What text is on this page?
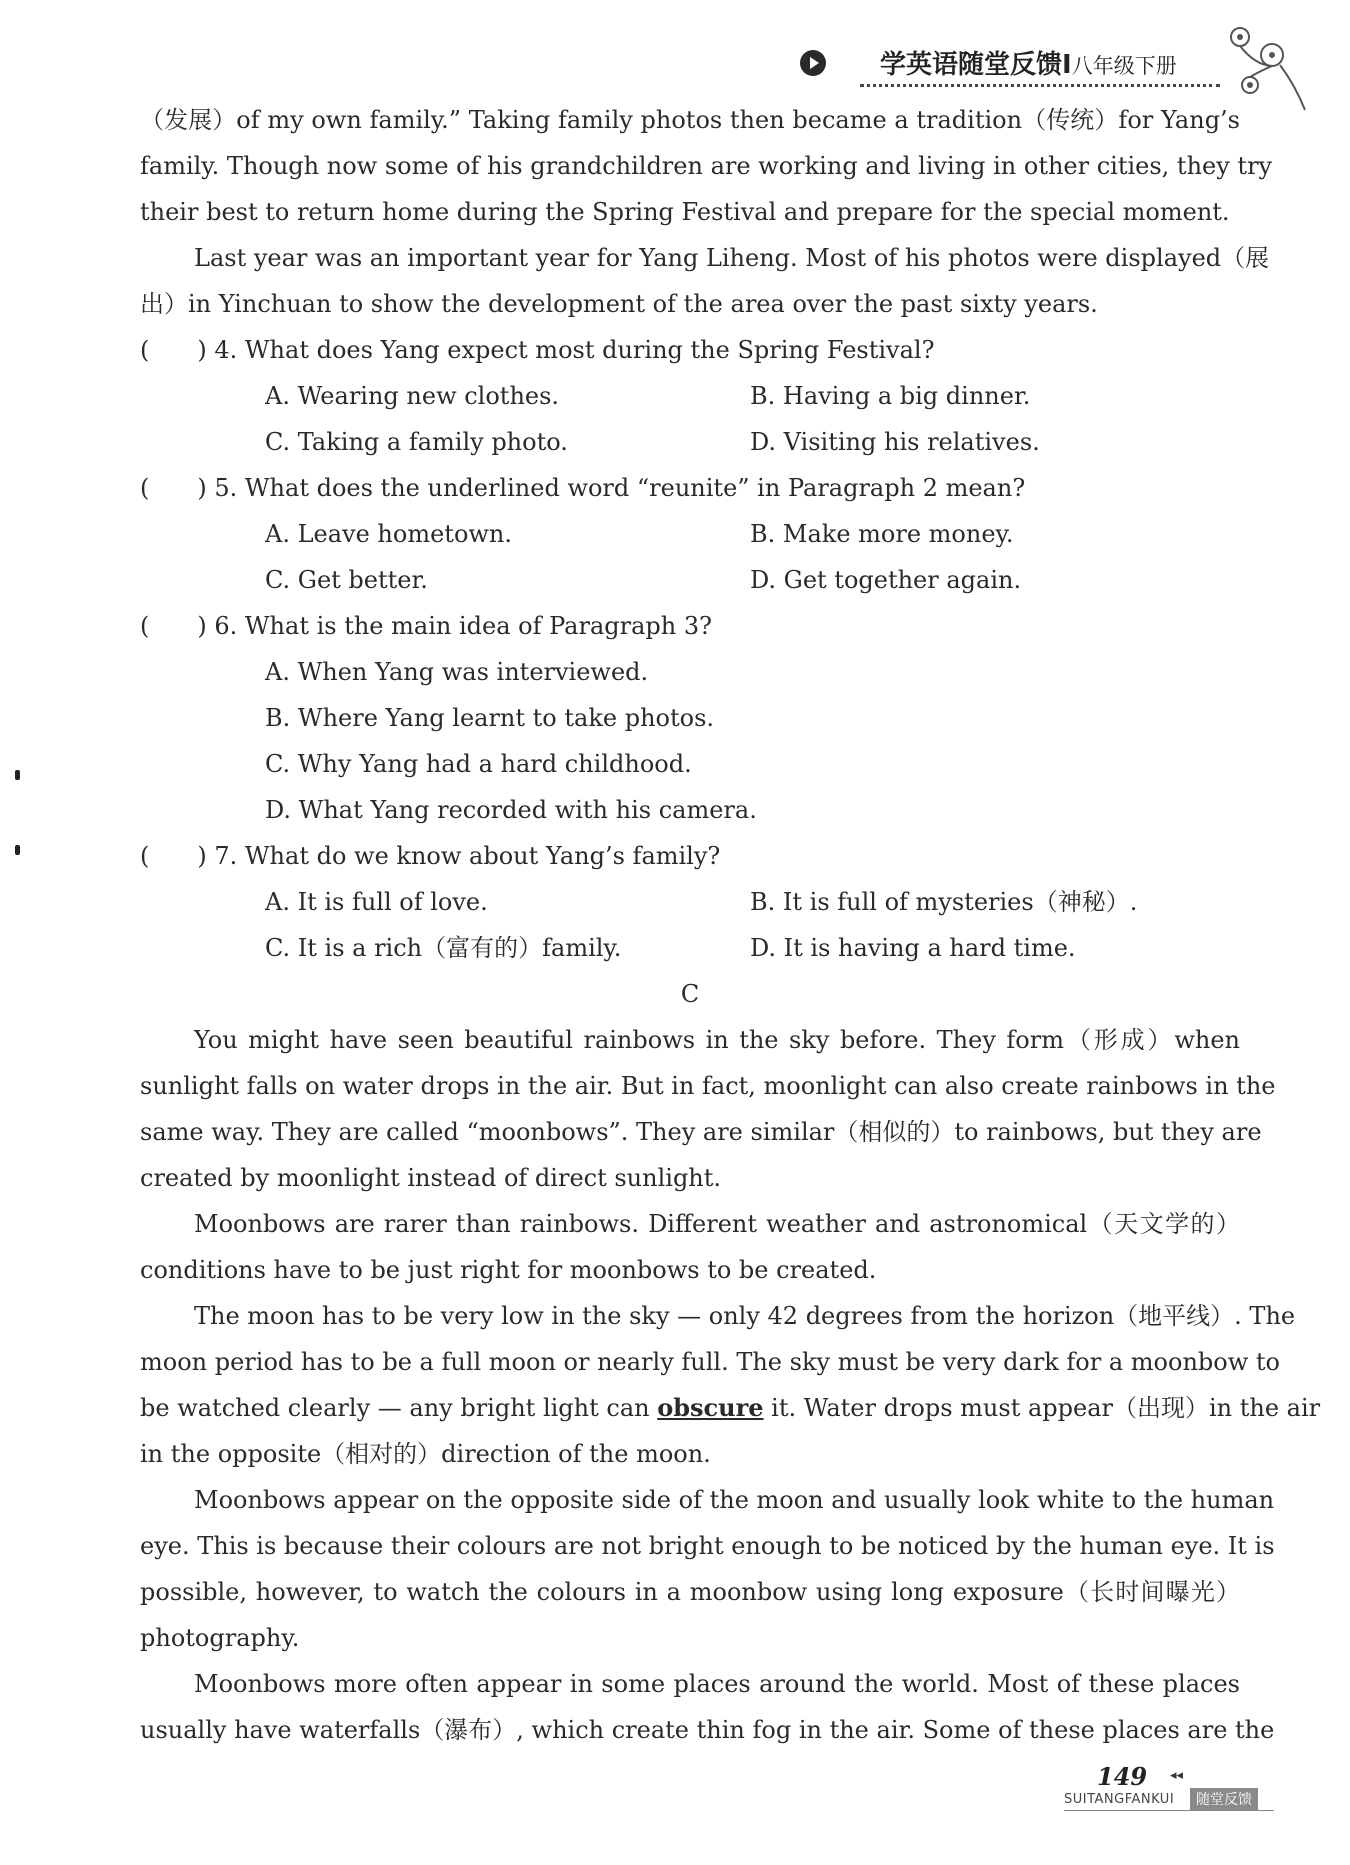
学英语随堂反馈Ⅰ八年级下册
（发展）of my own family.” Taking family photos then became a tradition（传统）for Yang’s
family. Though now some of his grandchildren are working and living in other cities, they try
their best to return home during the Spring Festival and prepare for the special moment.
Last year was an important year for Yang Liheng. Most of his photos were displayed（展
出）in Yinchuan to show the development of the area over the past sixty years.
(　　) 4. What does Yang expect most during the Spring Festival?
A. Wearing new clothes.	B. Having a big dinner.
C. Taking a family photo.	D. Visiting his relatives.
(　　) 5. What does the underlined word “reunite” in Paragraph 2 mean?
A. Leave hometown.	B. Make more money.
C. Get better.	D. Get together again.
(　　) 6. What is the main idea of Paragraph 3?
A. When Yang was interviewed.
B. Where Yang learnt to take photos.
C. Why Yang had a hard childhood.
D. What Yang recorded with his camera.
(　　) 7. What do we know about Yang’s family?
A. It is full of love.	B. It is full of mysteries（神秘）.
C. It is a rich（富有的）family.	D. It is having a hard time.
C
You might have seen beautiful rainbows in the sky before. They form（形成）when
sunlight falls on water drops in the air. But in fact, moonlight can also create rainbows in the
same way. They are called “moonbows”. They are similar（相似的）to rainbows, but they are
created by moonlight instead of direct sunlight.
Moonbows are rarer than rainbows. Different weather and astronomical（天文学的）
conditions have to be just right for moonbows to be created.
The moon has to be very low in the sky — only 42 degrees from the horizon（地平线）. The
moon period has to be a full moon or nearly full. The sky must be very dark for a moonbow to
be watched clearly — any bright light can obscure it. Water drops must appear（出现）in the air
in the opposite（相对的）direction of the moon.
Moonbows appear on the opposite side of the moon and usually look white to the human
eye. This is because their colours are not bright enough to be noticed by the human eye. It is
possible, however, to watch the colours in a moonbow using long exposure（长时间曝光）
photography.
Moonbows more often appear in some places around the world. Most of these places
usually have waterfalls（瀑布）, which create thin fog in the air. Some of these places are the
149 ◂◂
SUITANGFANKUI	随堂反馈
